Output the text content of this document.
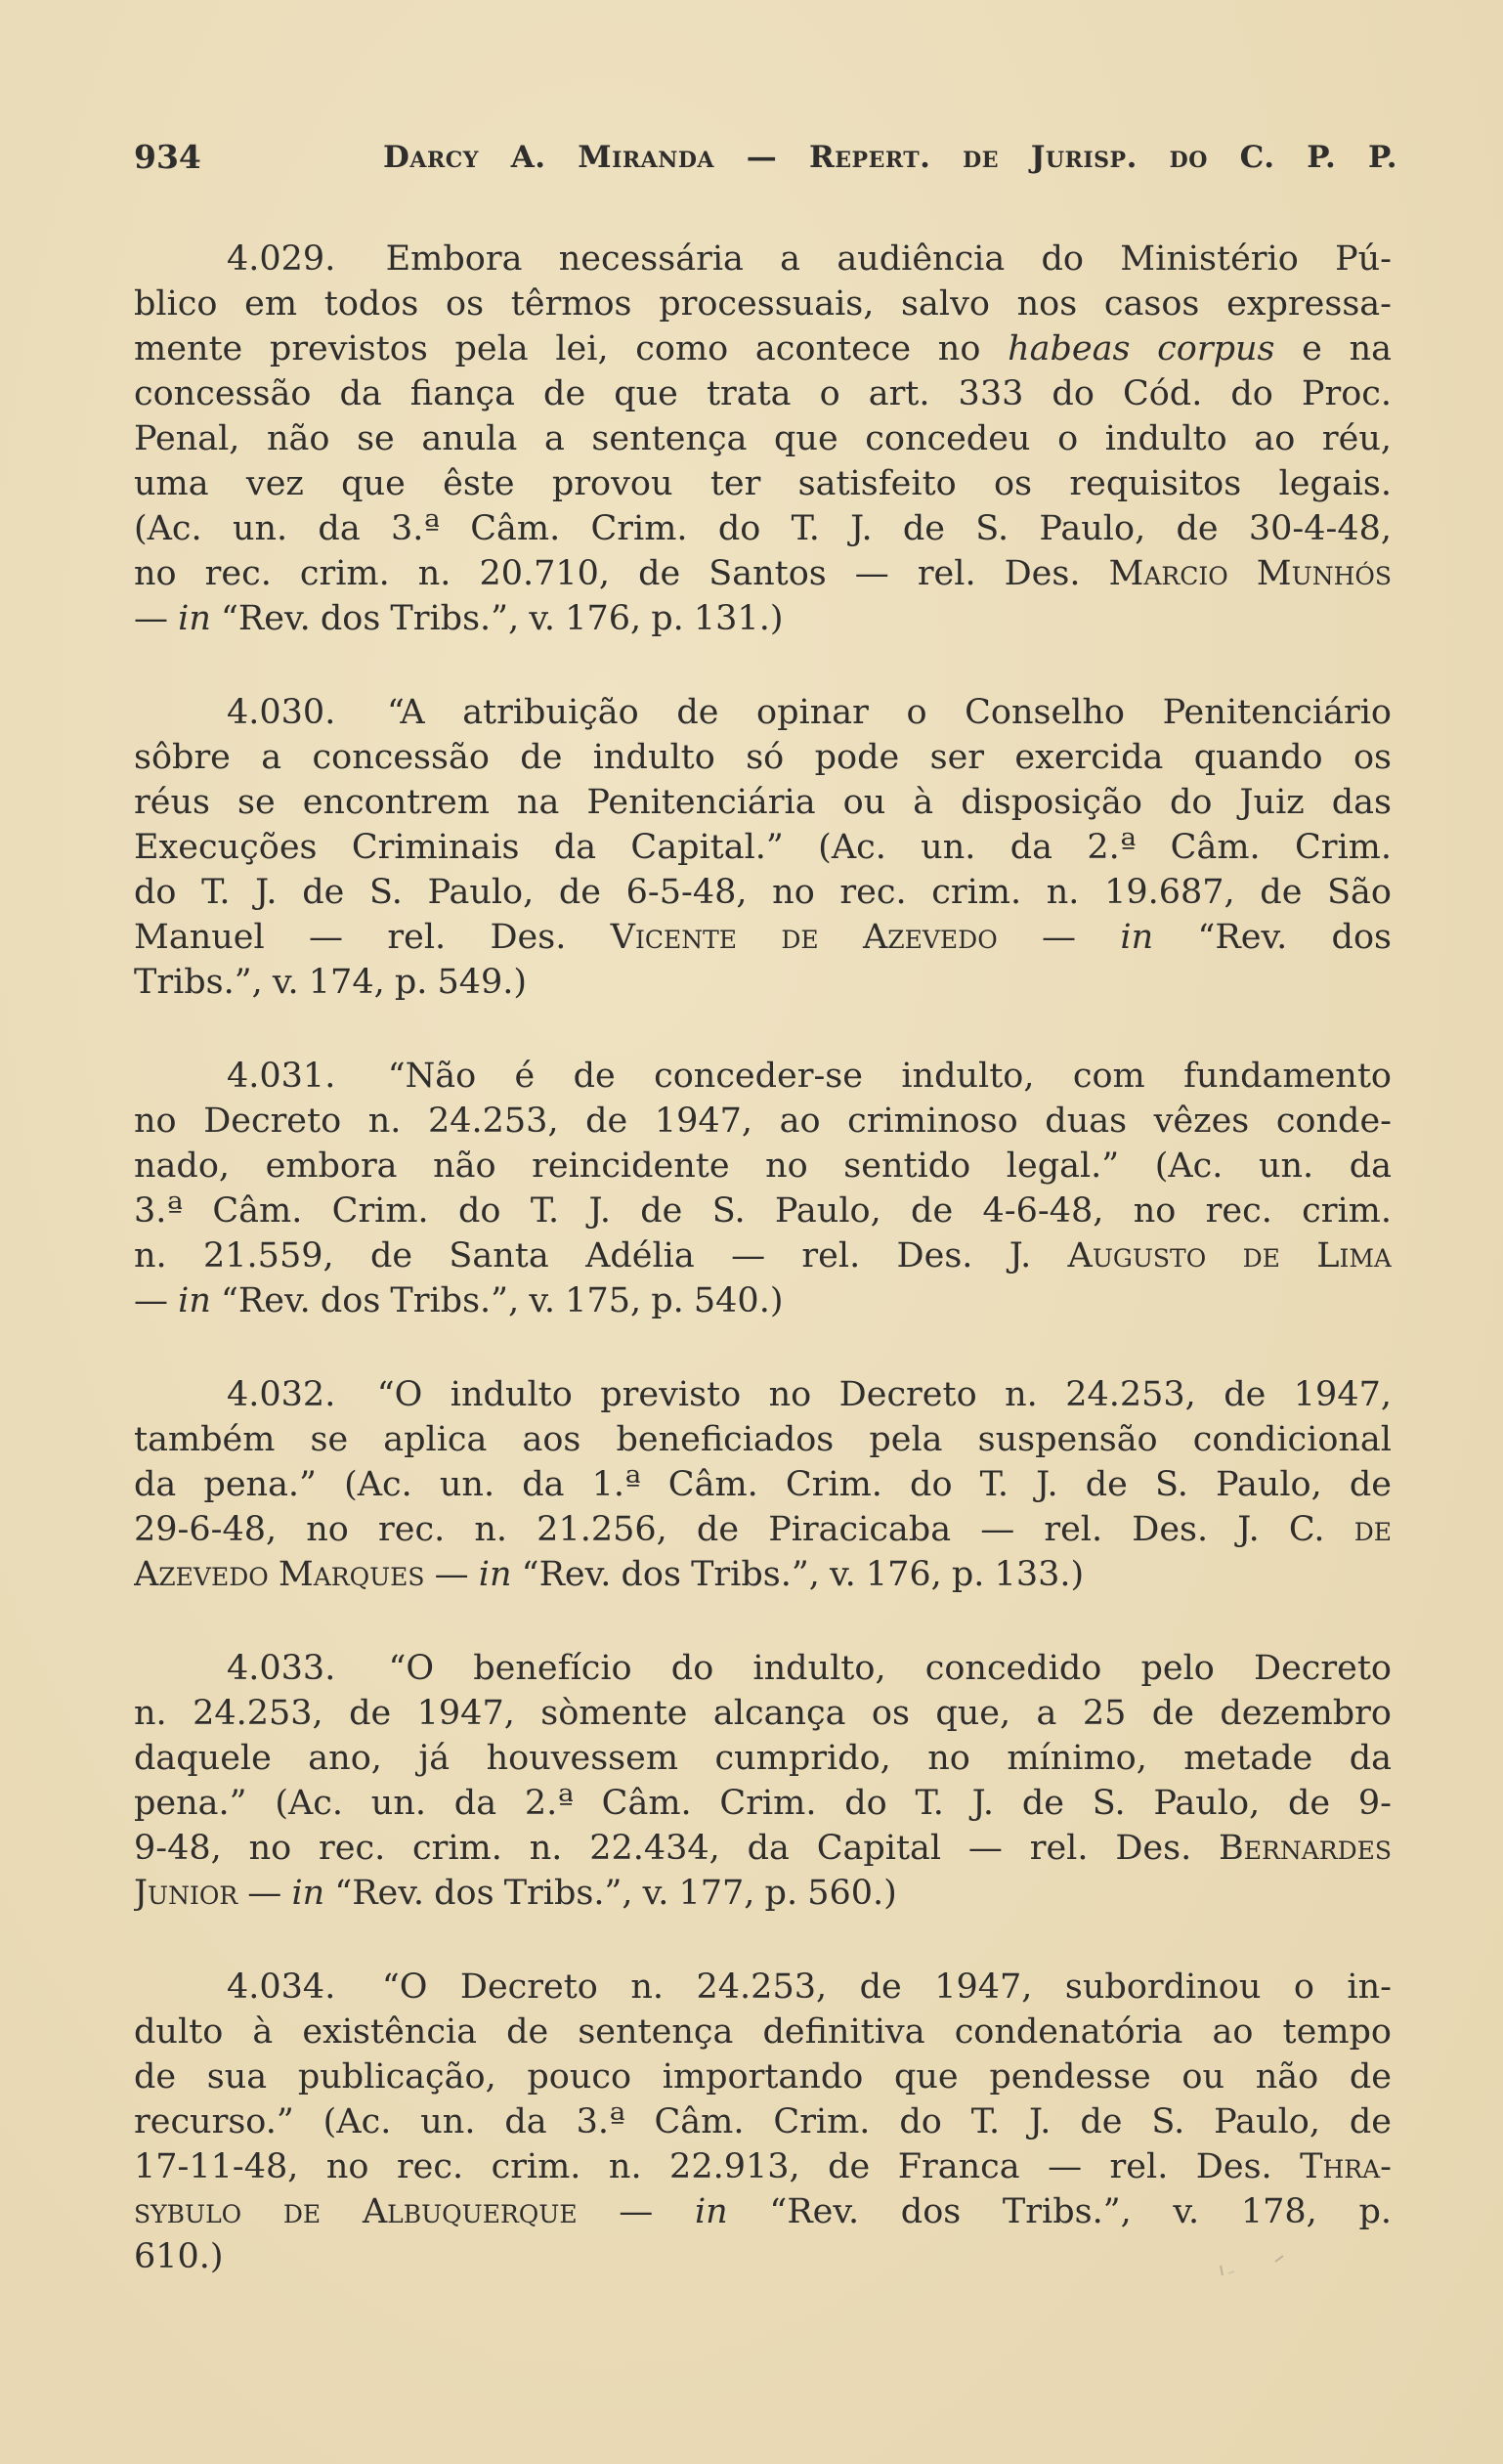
934	Darcy A. Miranda — Repert. de Jurisp. do C. P. P.
4.029. Embora necessária a audiência do Ministério Pú-
blico em todos os têrmos processuais, salvo nos casos expressa-
mente previstos pela lei, como acontece no habeas corpus e na
concessão da fiança de que trata o art. 333 do Cód. do Proc.
Penal, não se anula a sentença que concedeu o indulto ao réu,
uma vez que êste provou ter satisfeito os requisitos legais.
(Ac. un. da 3.ª Câm. Crim. do T. J. de S. Paulo, de 30-4-48,
no rec. crim. n. 20.710, de Santos — rel. Des. Marcio Munhós
— in “Rev. dos Tribs.”, v. 176, p. 131.)
4.030. “A atribuição de opinar o Conselho Penitenciário
sôbre a concessão de indulto só pode ser exercida quando os
réus se encontrem na Penitenciária ou à disposição do Juiz das
Execuções Criminais da Capital.” (Ac. un. da 2.ª Câm. Crim.
do T. J. de S. Paulo, de 6-5-48, no rec. crim. n. 19.687, de São
Manuel — rel. Des. Vicente de Azevedo — in “Rev. dos
Tribs.”, v. 174, p. 549.)
4.031. “Não é de conceder-se indulto, com fundamento
no Decreto n. 24.253, de 1947, ao criminoso duas vêzes conde-
nado, embora não reincidente no sentido legal.” (Ac. un. da
3.ª Câm. Crim. do T. J. de S. Paulo, de 4-6-48, no rec. crim.
n. 21.559, de Santa Adélia — rel. Des. J. Augusto de Lima
— in “Rev. dos Tribs.”, v. 175, p. 540.)
4.032. “O indulto previsto no Decreto n. 24.253, de 1947,
também se aplica aos beneficiados pela suspensão condicional
da pena.” (Ac. un. da 1.ª Câm. Crim. do T. J. de S. Paulo, de
29-6-48, no rec. n. 21.256, de Piracicaba — rel. Des. J. C. de
Azevedo Marques — in “Rev. dos Tribs.”, v. 176, p. 133.)
4.033. “O benefício do indulto, concedido pelo Decreto
n. 24.253, de 1947, sòmente alcança os que, a 25 de dezembro
daquele ano, já houvessem cumprido, no mínimo, metade da
pena.” (Ac. un. da 2.ª Câm. Crim. do T. J. de S. Paulo, de 9-
9-48, no rec. crim. n. 22.434, da Capital — rel. Des. Bernardes
Junior — in “Rev. dos Tribs.”, v. 177, p. 560.)
4.034. “O Decreto n. 24.253, de 1947, subordinou o in-
dulto à existência de sentença definitiva condenatória ao tempo
de sua publicação, pouco importando que pendesse ou não de
recurso.” (Ac. un. da 3.ª Câm. Crim. do T. J. de S. Paulo, de
17-11-48, no rec. crim. n. 22.913, de Franca — rel. Des. Thra-
sybulo de Albuquerque — in “Rev. dos Tribs.”, v. 178, p.
610.)
